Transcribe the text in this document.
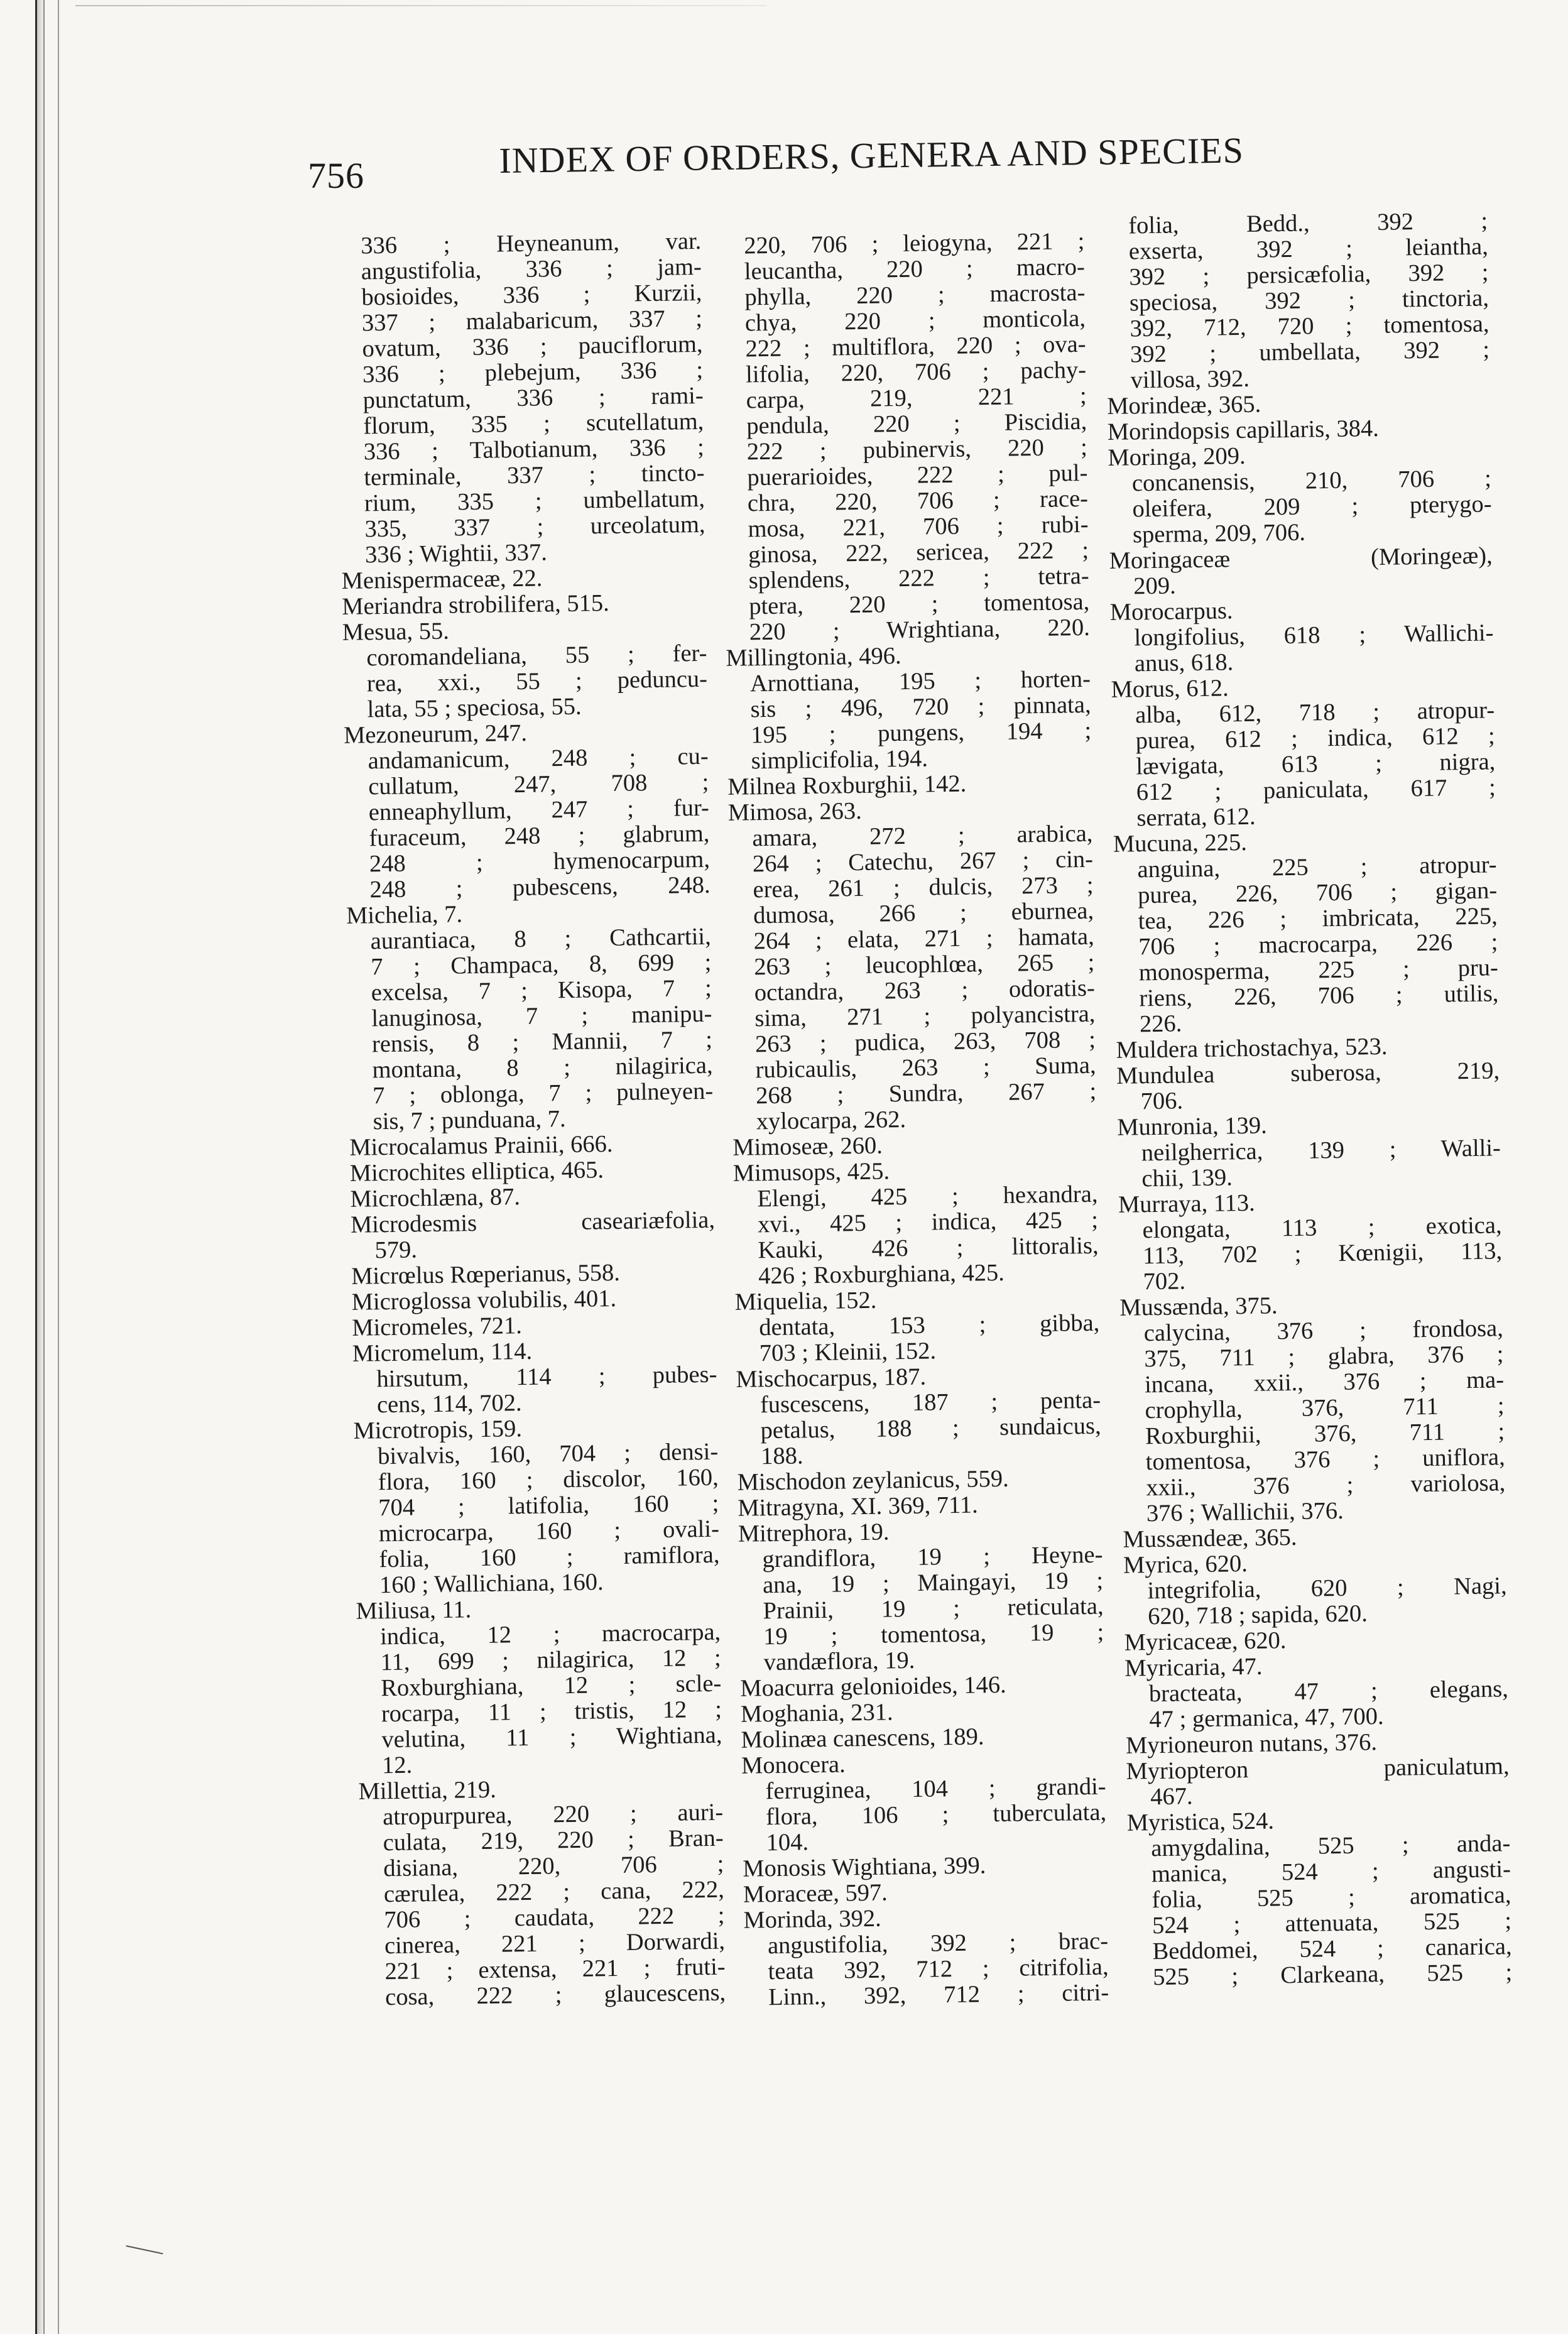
756	INDEX OF ORDERS, GENERA AND SPECIES
336 ; Heyneanum, var.
angustifolia, 336 ; jam-
bosioides, 336 ; Kurzii,
337 ; malabaricum, 337 ;
ovatum, 336 ; pauciflorum,
336 ; plebejum, 336 ;
punctatum, 336 ; rami-
florum, 335 ; scutellatum,
336 ; Talbotianum, 336 ;
terminale, 337 ; tincto-
rium, 335 ; umbellatum,
335, 337 ; urceolatum,
336 ; Wightii, 337.
Menispermaceæ, 22.
Meriandra strobilifera, 515.
Mesua, 55.
coromandeliana, 55 ; fer-
rea, xxi., 55 ; peduncu-
lata, 55 ; speciosa, 55.
Mezoneurum, 247.
andamanicum, 248 ; cu-
cullatum, 247, 708 ;
enneaphyllum, 247 ; fur-
furaceum, 248 ; glabrum,
248 ; hymenocarpum,
248 ; pubescens, 248.
Michelia, 7.
aurantiaca, 8 ; Cathcartii,
7 ; Champaca, 8, 699 ;
excelsa, 7 ; Kisopa, 7 ;
lanuginosa, 7 ; manipu-
rensis, 8 ; Mannii, 7 ;
montana, 8 ; nilagirica,
7 ; oblonga, 7 ; pulneyen-
sis, 7 ; punduana, 7.
Microcalamus Prainii, 666.
Microchites elliptica, 465.
Microchlæna, 87.
Microdesmis caseariæfolia,
579.
Micrœlus Rœperianus, 558.
Microglossa volubilis, 401.
Micromeles, 721.
Micromelum, 114.
hirsutum, 114 ; pubes-
cens, 114, 702.
Microtropis, 159.
bivalvis, 160, 704 ; densi-
flora, 160 ; discolor, 160,
704 ; latifolia, 160 ;
microcarpa, 160 ; ovali-
folia, 160 ; ramiflora,
160 ; Wallichiana, 160.
Miliusa, 11.
indica, 12 ; macrocarpa,
11, 699 ; nilagirica, 12 ;
Roxburghiana, 12 ; scle-
rocarpa, 11 ; tristis, 12 ;
velutina, 11 ; Wightiana,
12.
Millettia, 219.
atropurpurea, 220 ; auri-
culata, 219, 220 ; Bran-
disiana, 220, 706 ;
cærulea, 222 ; cana, 222,
706 ; caudata, 222 ;
cinerea, 221 ; Dorwardi,
221 ; extensa, 221 ; fruti-
cosa, 222 ; glaucescens,
220, 706 ; leiogyna, 221 ;
leucantha, 220 ; macro-
phylla, 220 ; macrosta-
chya, 220 ; monticola,
222 ; multiflora, 220 ; ova-
lifolia, 220, 706 ; pachy-
carpa, 219, 221 ;
pendula, 220 ; Piscidia,
222 ; pubinervis, 220 ;
puerarioides, 222 ; pul-
chra, 220, 706 ; race-
mosa, 221, 706 ; rubi-
ginosa, 222, sericea, 222 ;
splendens, 222 ; tetra-
ptera, 220 ; tomentosa,
220 ; Wrightiana, 220.
Millingtonia, 496.
Arnottiana, 195 ; horten-
sis ; 496, 720 ; pinnata,
195 ; pungens, 194 ;
simplicifolia, 194.
Milnea Roxburghii, 142.
Mimosa, 263.
amara, 272 ; arabica,
264 ; Catechu, 267 ; cin-
erea, 261 ; dulcis, 273 ;
dumosa, 266 ; eburnea,
264 ; elata, 271 ; hamata,
263 ; leucophlœa, 265 ;
octandra, 263 ; odoratis-
sima, 271 ; polyancistra,
263 ; pudica, 263, 708 ;
rubicaulis, 263 ; Suma,
268 ; Sundra, 267 ;
xylocarpa, 262.
Mimoseæ, 260.
Mimusops, 425.
Elengi, 425 ; hexandra,
xvi., 425 ; indica, 425 ;
Kauki, 426 ; littoralis,
426 ; Roxburghiana, 425.
Miquelia, 152.
dentata, 153 ; gibba,
703 ; Kleinii, 152.
Mischocarpus, 187.
fuscescens, 187 ; penta-
petalus, 188 ; sundaicus,
188.
Mischodon zeylanicus, 559.
Mitragyna, XI. 369, 711.
Mitrephora, 19.
grandiflora, 19 ; Heyne-
ana, 19 ; Maingayi, 19 ;
Prainii, 19 ; reticulata,
19 ; tomentosa, 19 ;
vandæflora, 19.
Moacurra gelonioides, 146.
Moghania, 231.
Molinæa canescens, 189.
Monocera.
ferruginea, 104 ; grandi-
flora, 106 ; tuberculata,
104.
Monosis Wightiana, 399.
Moraceæ, 597.
Morinda, 392.
angustifolia, 392 ; brac-
teata 392, 712 ; citrifolia,
Linn., 392, 712 ; citri-
folia, Bedd., 392 ;
exserta, 392 ; leiantha,
392 ; persicæfolia, 392 ;
speciosa, 392 ; tinctoria,
392, 712, 720 ; tomentosa,
392 ; umbellata, 392 ;
villosa, 392.
Morindeæ, 365.
Morindopsis capillaris, 384.
Moringa, 209.
concanensis, 210, 706 ;
oleifera, 209 ; pterygo-
sperma, 209, 706.
Moringaceæ (Moringeæ),
209.
Morocarpus.
longifolius, 618 ; Wallichi-
anus, 618.
Morus, 612.
alba, 612, 718 ; atropur-
purea, 612 ; indica, 612 ;
lævigata, 613 ; nigra,
612 ; paniculata, 617 ;
serrata, 612.
Mucuna, 225.
anguina, 225 ; atropur-
purea, 226, 706 ; gigan-
tea, 226 ; imbricata, 225,
706 ; macrocarpa, 226 ;
monosperma, 225 ; pru-
riens, 226, 706 ; utilis,
226.
Muldera trichostachya, 523.
Mundulea suberosa, 219,
706.
Munronia, 139.
neilgherrica, 139 ; Walli-
chii, 139.
Murraya, 113.
elongata, 113 ; exotica,
113, 702 ; Kœnigii, 113,
702.
Mussænda, 375.
calycina, 376 ; frondosa,
375, 711 ; glabra, 376 ;
incana, xxii., 376 ; ma-
crophylla, 376, 711 ;
Roxburghii, 376, 711 ;
tomentosa, 376 ; uniflora,
xxii., 376 ; variolosa,
376 ; Wallichii, 376.
Mussændeæ, 365.
Myrica, 620.
integrifolia, 620 ; Nagi,
620, 718 ; sapida, 620.
Myricaceæ, 620.
Myricaria, 47.
bracteata, 47 ; elegans,
47 ; germanica, 47, 700.
Myrioneuron nutans, 376.
Myriopteron paniculatum,
467.
Myristica, 524.
amygdalina, 525 ; anda-
manica, 524 ; angusti-
folia, 525 ; aromatica,
524 ; attenuata, 525 ;
Beddomei, 524 ; canarica,
525 ; Clarkeana, 525 ;
